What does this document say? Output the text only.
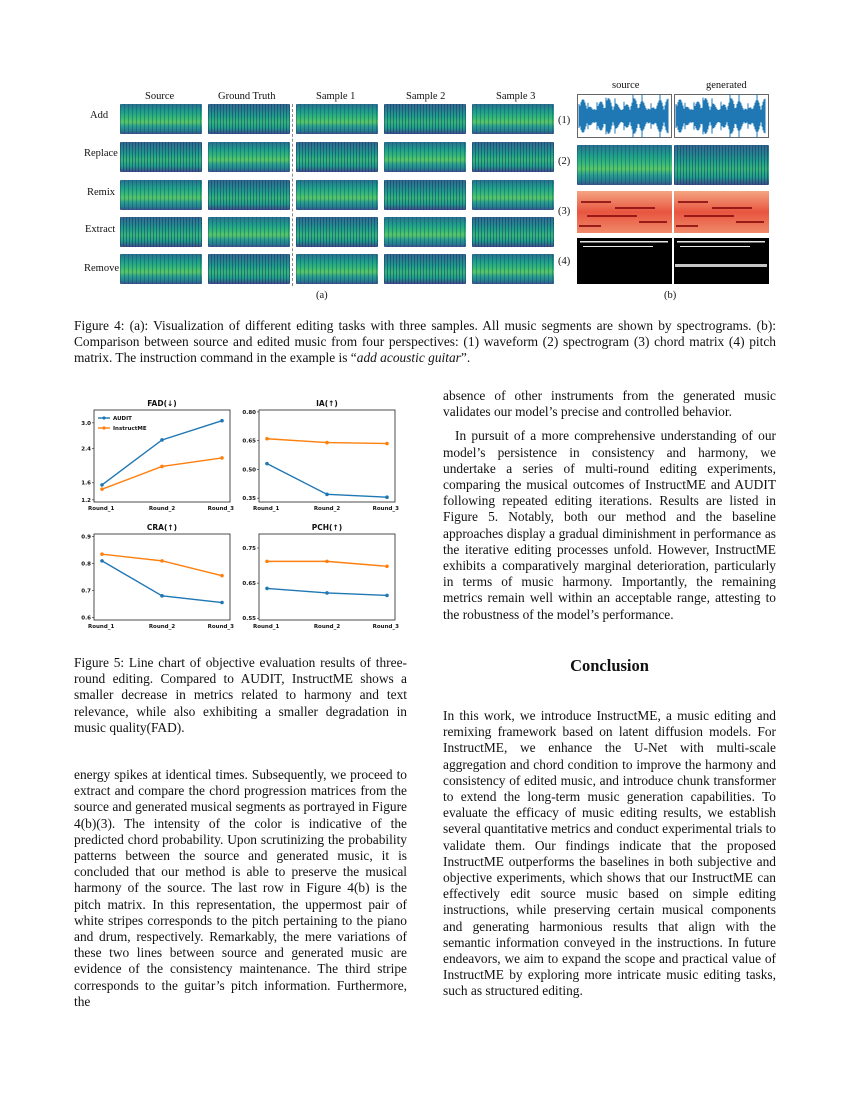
Source	Ground Truth	Sample 1	Sample 2	Sample 3
Add
Replace
Remix
Extract
Remove
(a)
source	generated
(1)
(2)
(3)
(4)
(b)
Figure 4: (a): Visualization of different editing tasks with three samples. All music segments are shown by spectrograms. (b): Comparison between source and edited music from four perspectives: (1) waveform (2) spectrogram (3) chord matrix (4) pitch matrix. The instruction command in the example is “add acoustic guitar”.
FAD(↓)
1.2
1.6
2.4
3.0
Round_1	Round_2	Round_3
AUDIT
InstructME
IA(↑)
0.35
0.50
0.65
0.80
Round_1	Round_2	Round_3
CRA(↑)
0.6
0.7
0.8
0.9
Round_1	Round_2	Round_3
PCH(↑)
0.55
0.65
0.75
Round_1	Round_2	Round_3
Figure 5: Line chart of objective evaluation results of three-round editing. Compared to AUDIT, InstructME shows a smaller decrease in metrics related to harmony and text relevance, while also exhibiting a smaller degradation in music quality(FAD).

energy spikes at identical times. Subsequently, we proceed to extract and compare the chord progression matrices from the source and generated musical segments as portrayed in Figure 4(b)(3). The intensity of the color is indicative of the predicted chord probability. Upon scrutinizing the probability patterns between the source and generated music, it is concluded that our method is able to preserve the musical harmony of the source. The last row in Figure 4(b) is the pitch matrix. In this representation, the uppermost pair of white stripes corresponds to the pitch pertaining to the piano and drum, respectively. Remarkably, the mere variations of these two lines between source and generated music are evidence of the consistency maintenance. The third stripe corresponds to the guitar’s pitch information. Furthermore, the

absence of other instruments from the generated music validates our model’s precise and controlled behavior.

In pursuit of a more comprehensive understanding of our model’s persistence in consistency and harmony, we undertake a series of multi-round editing experiments, comparing the musical outcomes of InstructME and AUDIT following repeated editing iterations. Results are listed in Figure 5. Notably, both our method and the baseline approaches display a gradual diminishment in performance as the iterative editing processes unfold. However, InstructME exhibits a comparatively marginal deterioration, particularly in terms of music harmony. Importantly, the remaining metrics remain well within an acceptable range, attesting to the robustness of the model’s performance.

Conclusion

In this work, we introduce InstructME, a music editing and remixing framework based on latent diffusion models. For InstructME, we enhance the U-Net with multi-scale aggregation and chord condition to improve the harmony and consistency of edited music, and introduce chunk transformer to extend the long-term music generation capabilities. To evaluate the efficacy of music editing results, we establish several quantitative metrics and conduct experimental trials to validate them. Our findings indicate that the proposed InstructME outperforms the baselines in both subjective and objective experiments, which shows that our InstructME can effectively edit source music based on simple editing instructions, while preserving certain musical components and generating harmonious results that align with the semantic information conveyed in the instructions. In future endeavors, we aim to expand the scope and practical value of InstructME by exploring more intricate music editing tasks, such as structured editing.
